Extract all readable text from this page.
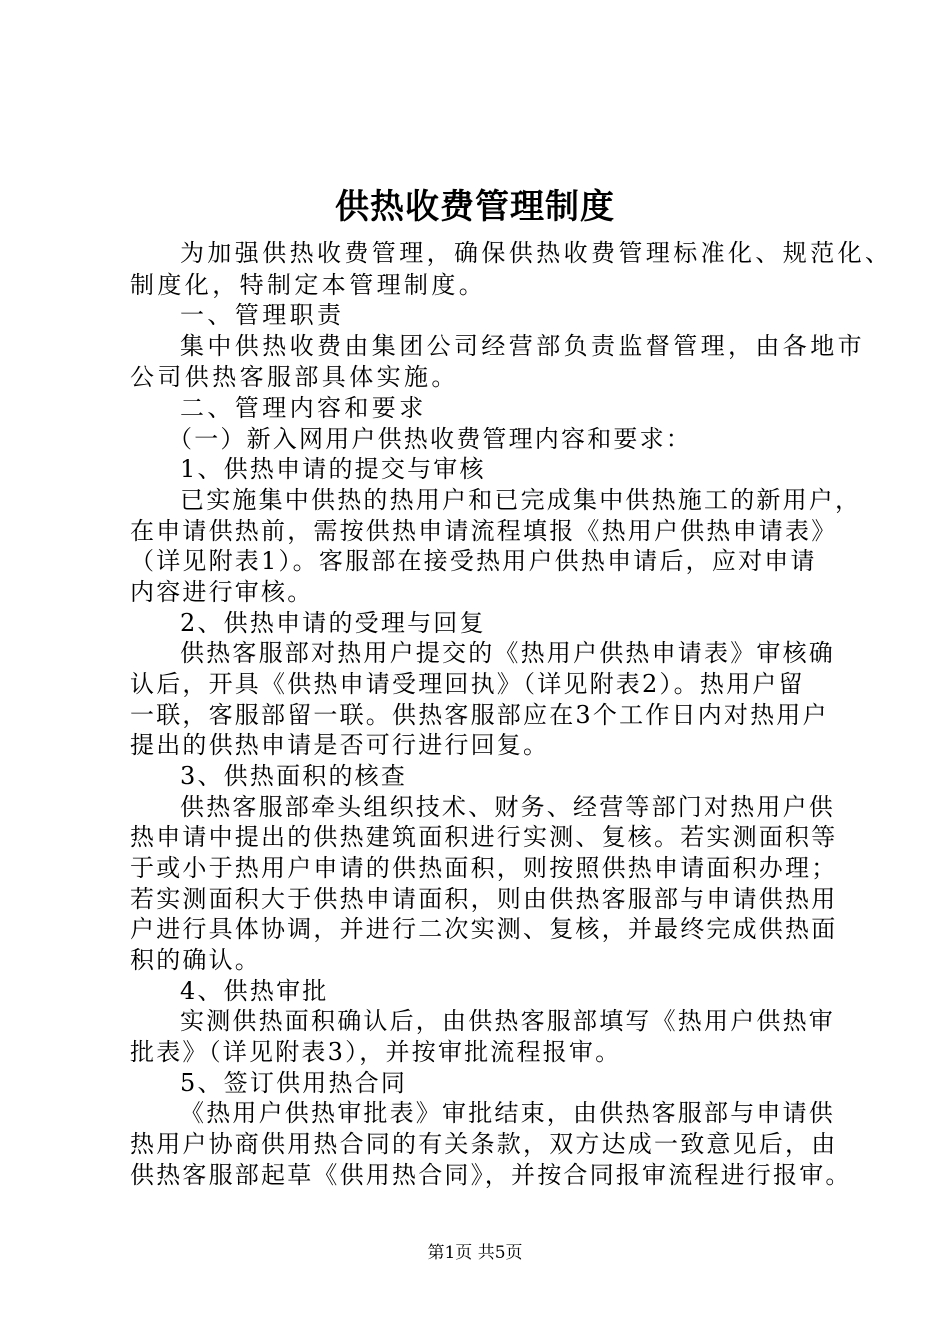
供热收费管理制度
为加强供热收费管理，确保供热收费管理标准化、规范化、
制度化，特制定本管理制度。
一、管理职责
集中供热收费由集团公司经营部负责监督管理，由各地市
公司供热客服部具体实施。
二、管理内容和要求
（一）新入网用户供热收费管理内容和要求：
1、供热申请的提交与审核
已实施集中供热的热用户和已完成集中供热施工的新用户，
在申请供热前，需按供热申请流程填报《热用户供热申请表》
（详见附表1）。客服部在接受热用户供热申请后，应对申请
内容进行审核。
2、供热申请的受理与回复
供热客服部对热用户提交的《热用户供热申请表》审核确
认后，开具《供热申请受理回执》（详见附表2）。热用户留
一联，客服部留一联。供热客服部应在3个工作日内对热用户
提出的供热申请是否可行进行回复。
3、供热面积的核查
供热客服部牵头组织技术、财务、经营等部门对热用户供
热申请中提出的供热建筑面积进行实测、复核。若实测面积等
于或小于热用户申请的供热面积，则按照供热申请面积办理；
若实测面积大于供热申请面积，则由供热客服部与申请供热用
户进行具体协调，并进行二次实测、复核，并最终完成供热面
积的确认。
4、供热审批
实测供热面积确认后，由供热客服部填写《热用户供热审
批表》（详见附表3），并按审批流程报审。
5、签订供用热合同
《热用户供热审批表》审批结束，由供热客服部与申请供
热用户协商供用热合同的有关条款，双方达成一致意见后，由
供热客服部起草《供用热合同》，并按合同报审流程进行报审。
第1页 共5页
